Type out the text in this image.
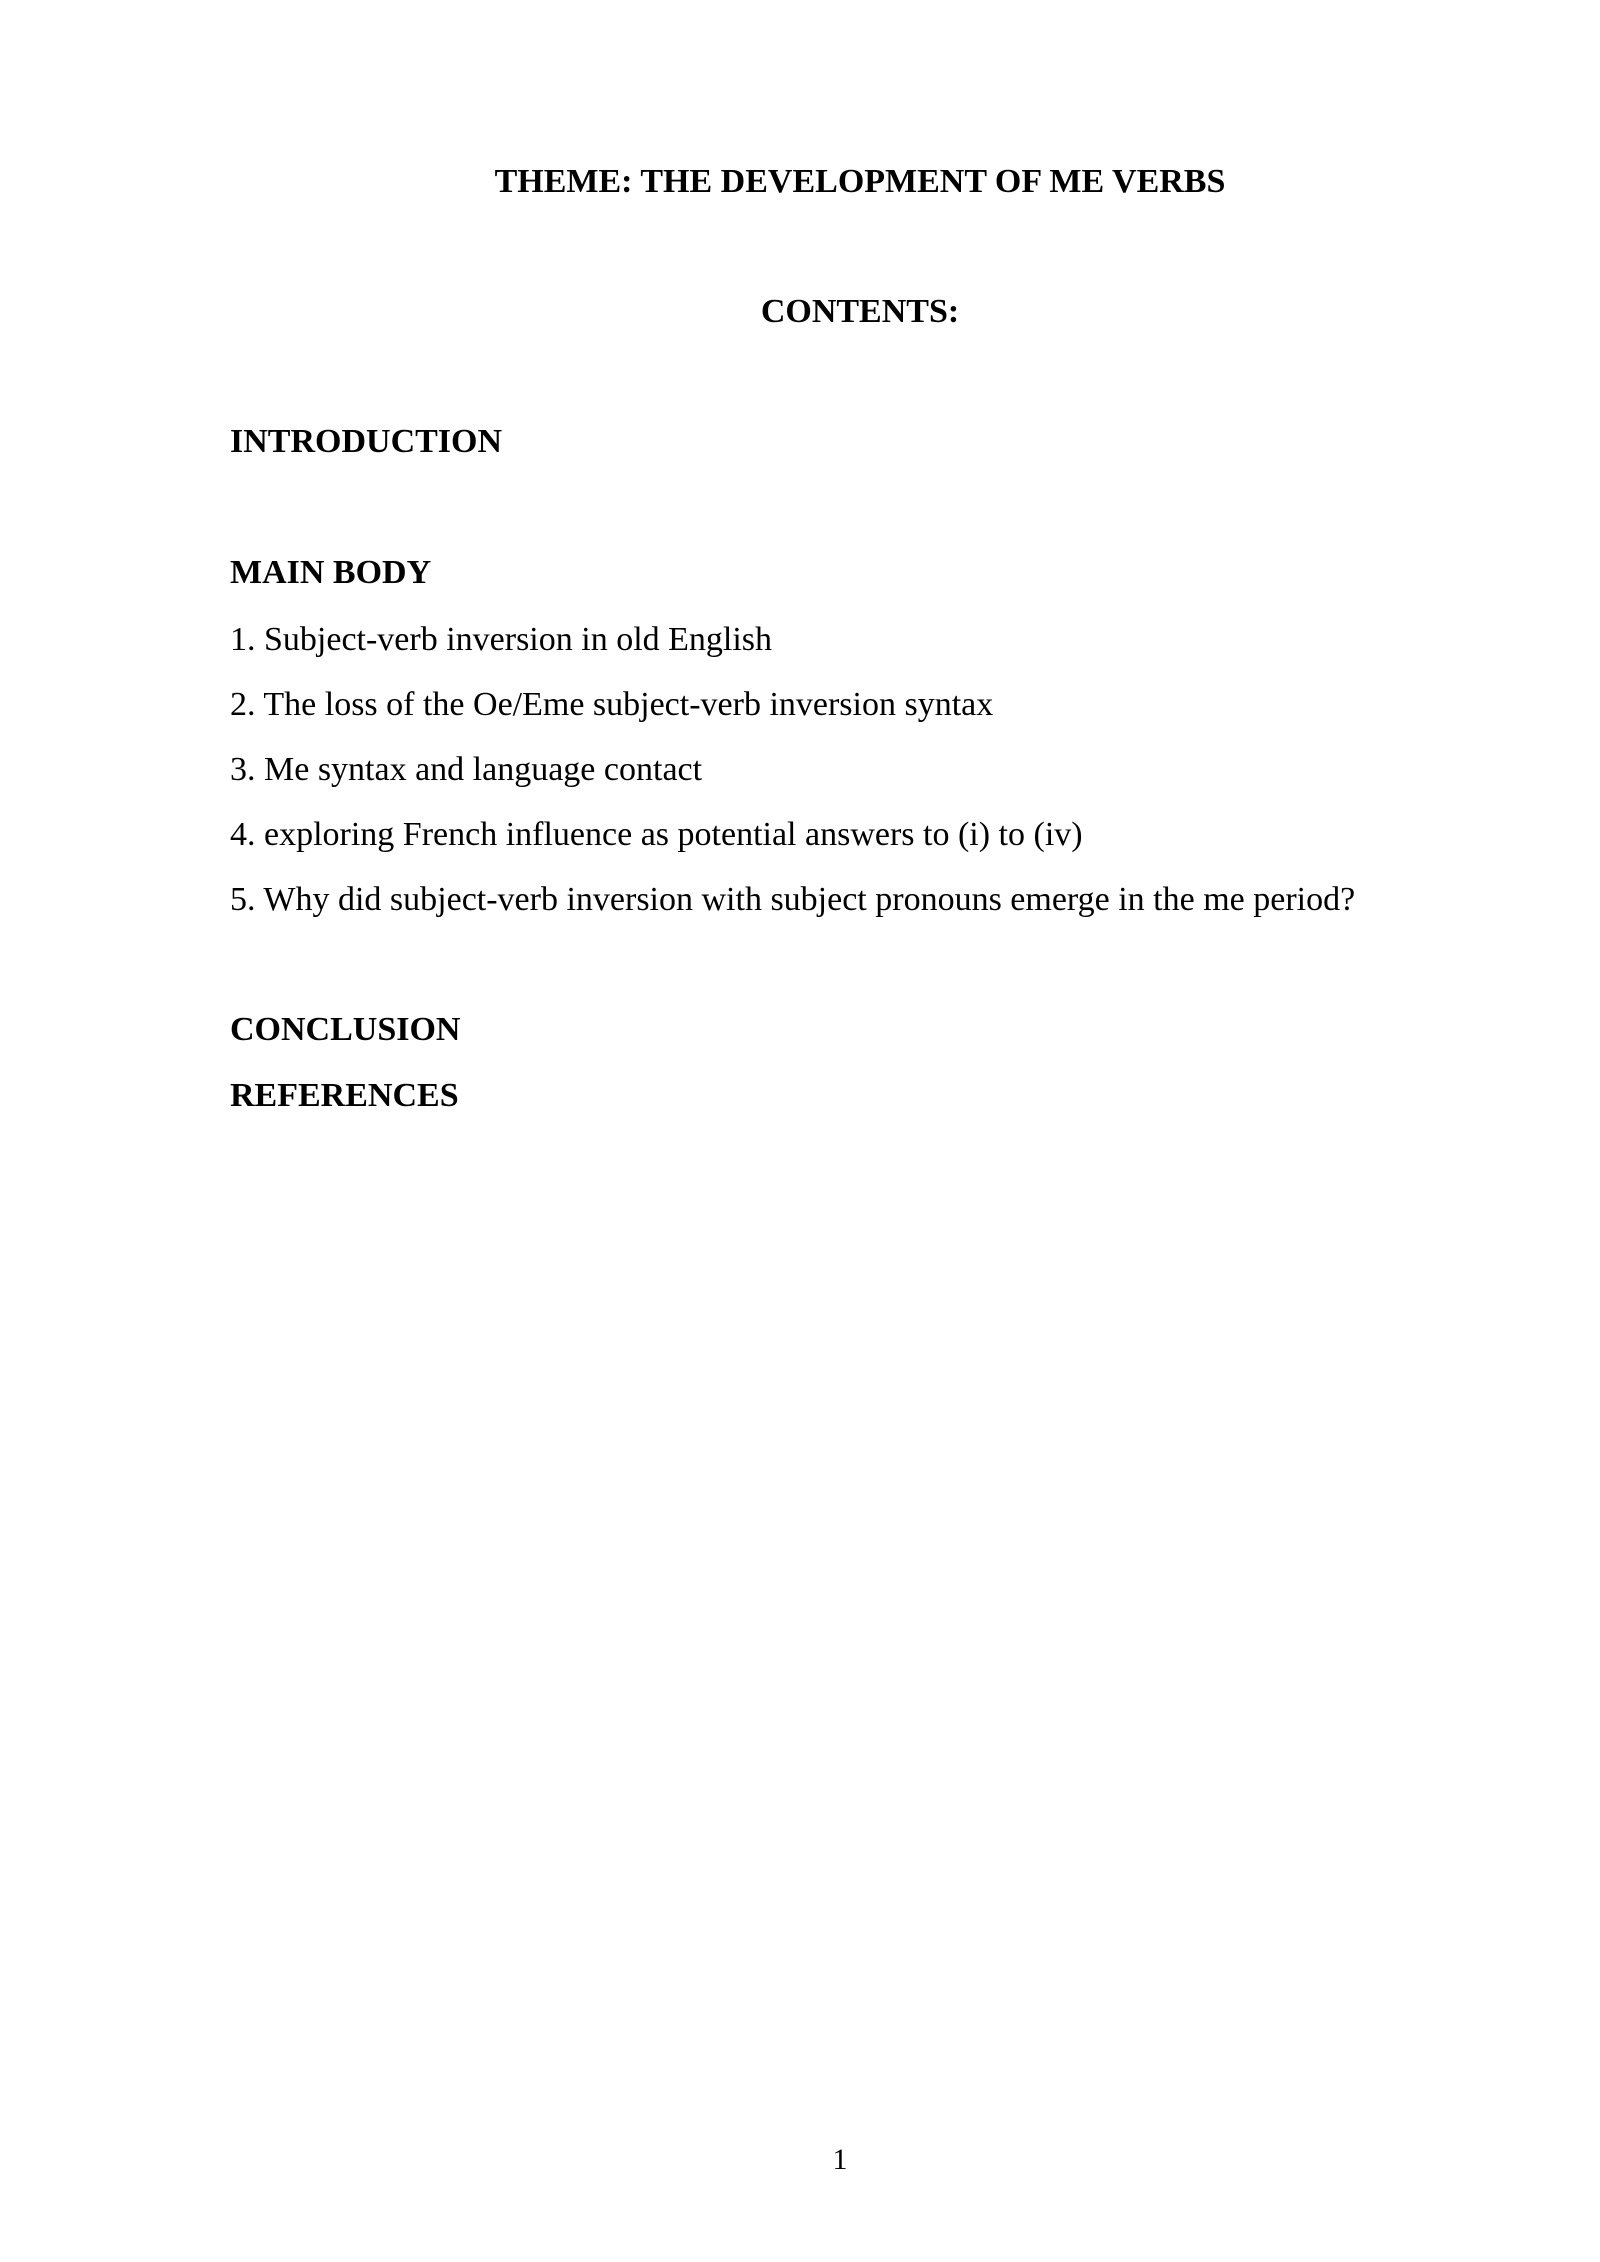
THEME: THE DEVELOPMENT OF ME VERBS
CONTENTS:
INTRODUCTION
MAIN BODY
1. Subject-verb inversion in old English
2. The loss of the Oe/Eme subject-verb inversion syntax
3. Me syntax and language contact
4. exploring French influence as potential answers to (i) to (iv)
5. Why did subject-verb inversion with subject pronouns emerge in the me period?
CONCLUSION
REFERENCES
1
